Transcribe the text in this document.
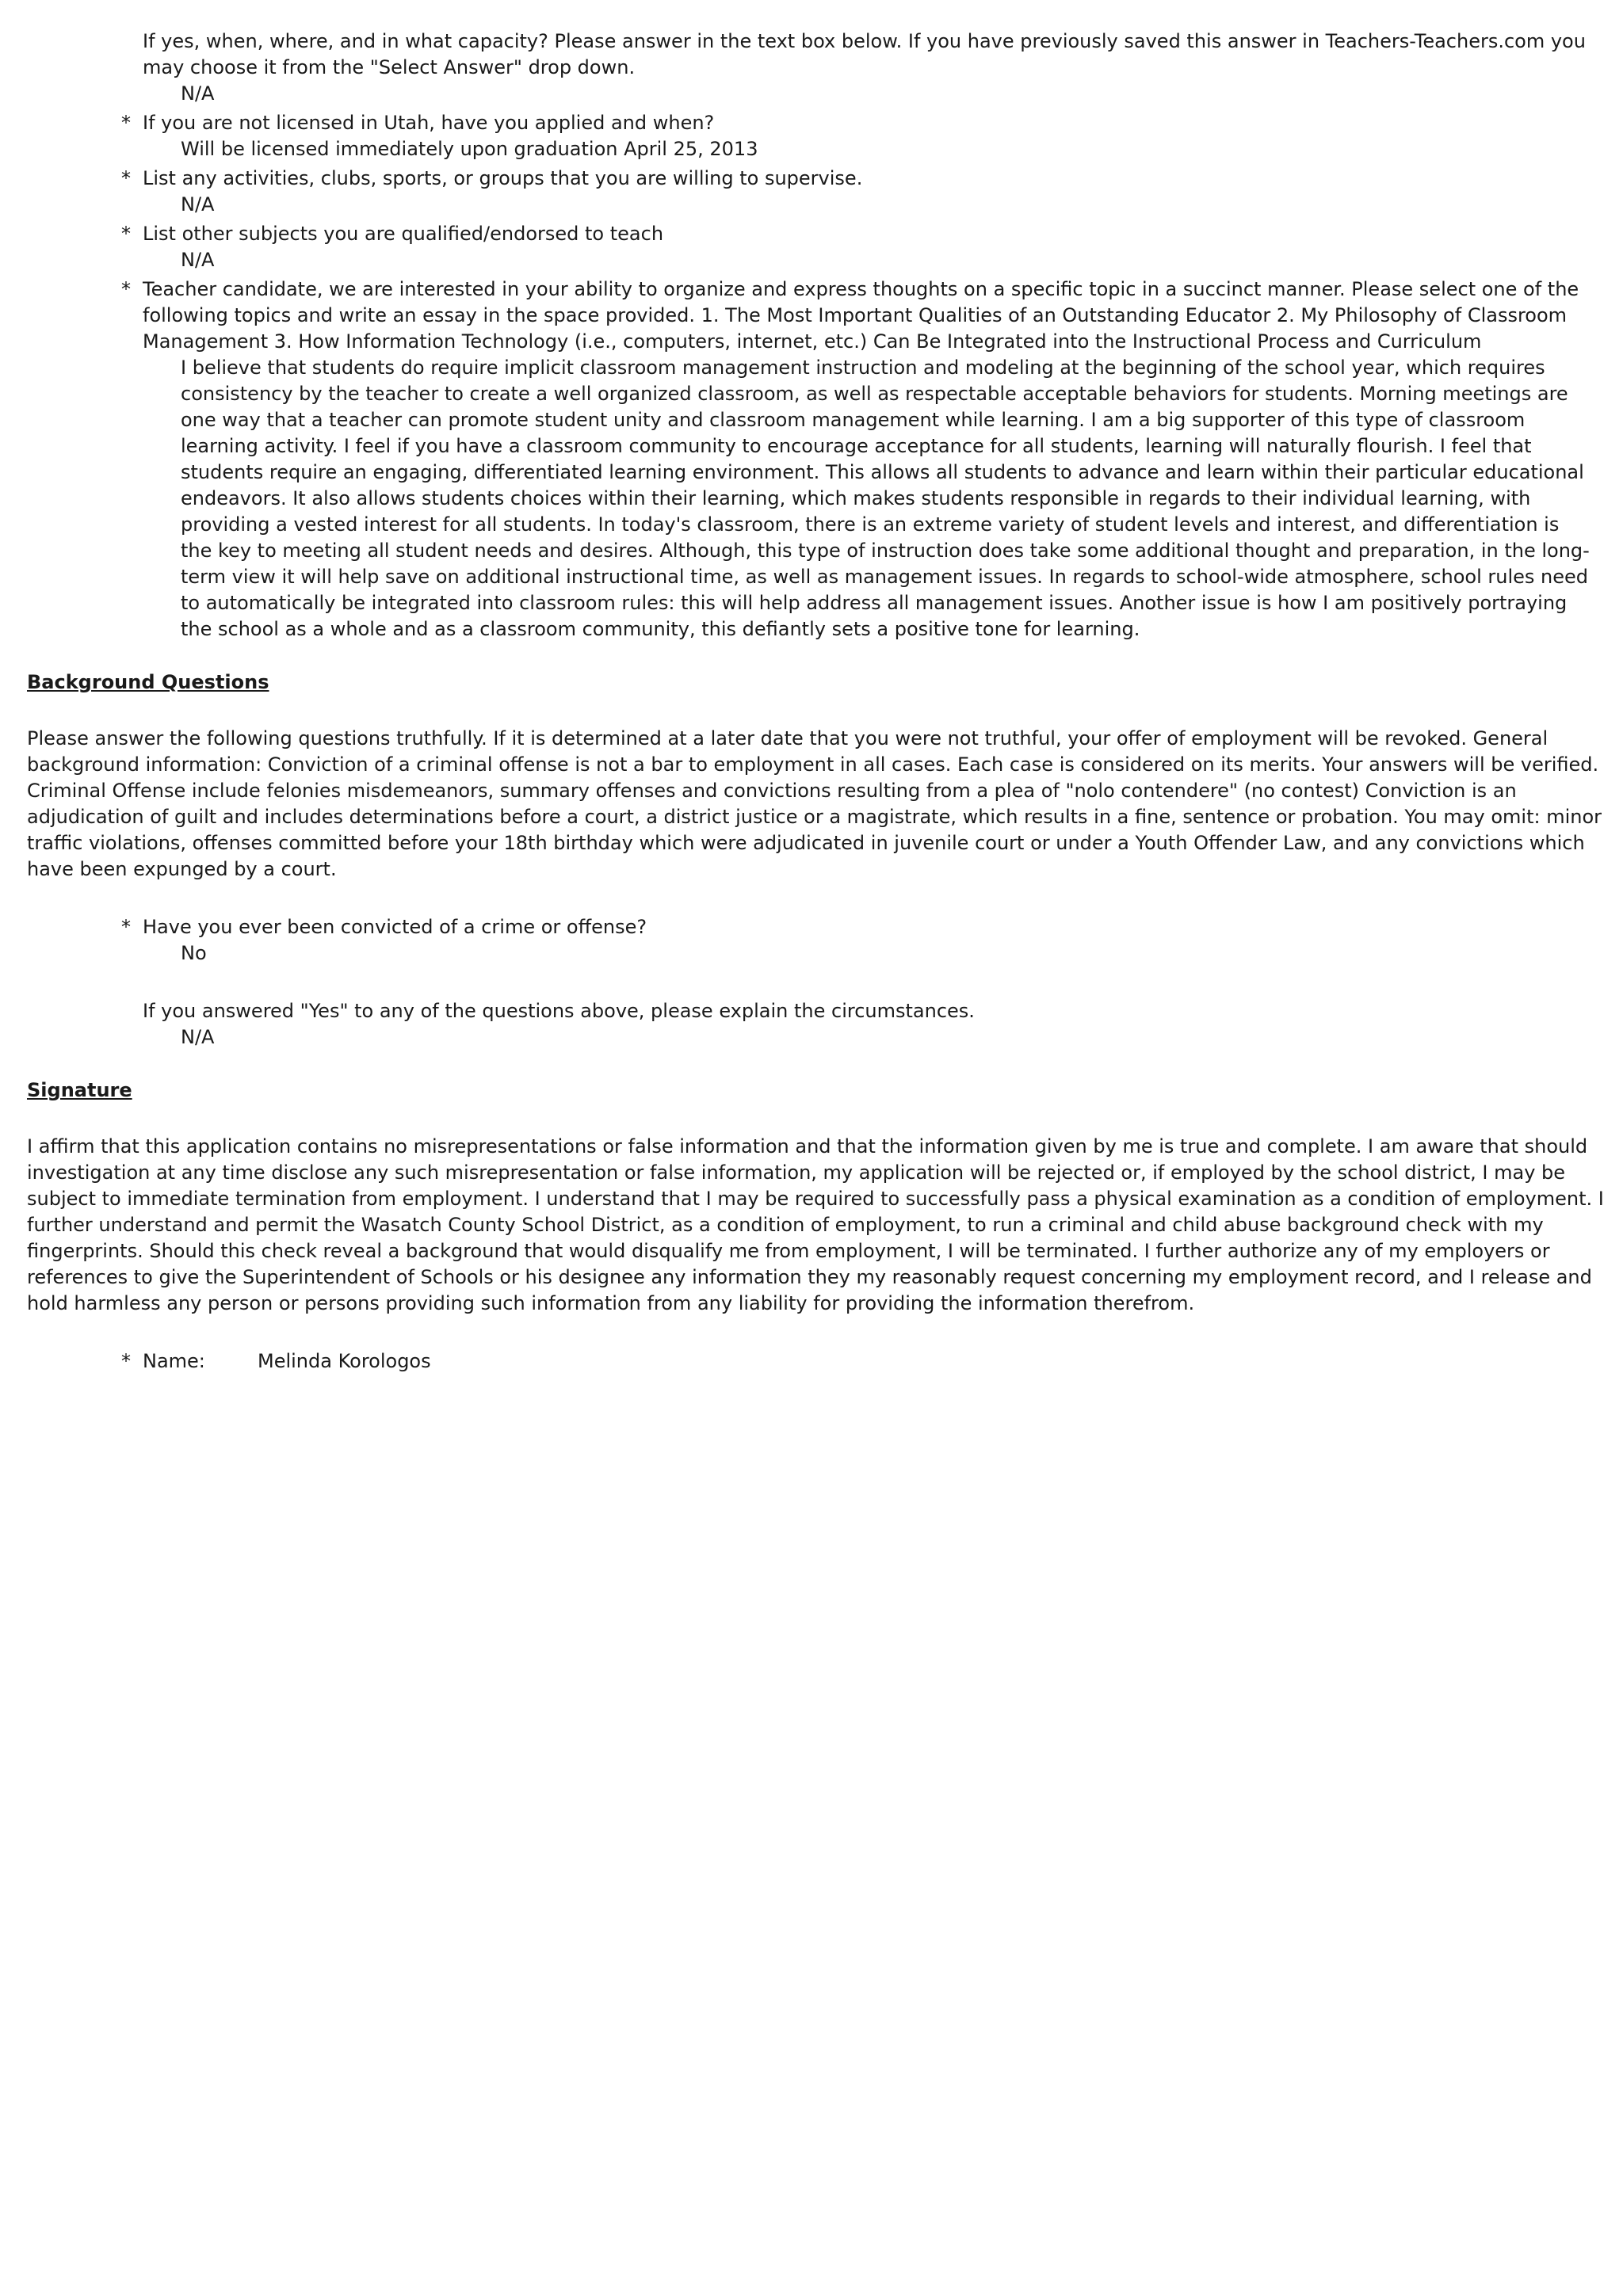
If yes, when, where, and in what capacity? Please answer in the text box below. If you have previously saved this answer in Teachers-Teachers.com you may choose it from the "Select Answer" drop down.
N/A
* If you are not licensed in Utah, have you applied and when?
Will be licensed immediately upon graduation April 25, 2013
* List any activities, clubs, sports, or groups that you are willing to supervise.
N/A
* List other subjects you are qualified/endorsed to teach
N/A
* Teacher candidate, we are interested in your ability to organize and express thoughts on a specific topic in a succinct manner. Please select one of the following topics and write an essay in the space provided. 1. The Most Important Qualities of an Outstanding Educator 2. My Philosophy of Classroom Management 3. How Information Technology (i.e., computers, internet, etc.) Can Be Integrated into the Instructional Process and Curriculum
I believe that students do require implicit classroom management instruction and modeling at the beginning of the school year, which requires consistency by the teacher to create a well organized classroom, as well as respectable acceptable behaviors for students. Morning meetings are one way that a teacher can promote student unity and classroom management while learning. I am a big supporter of this type of classroom learning activity. I feel if you have a classroom community to encourage acceptance for all students, learning will naturally flourish. I feel that students require an engaging, differentiated learning environment. This allows all students to advance and learn within their particular educational endeavors. It also allows students choices within their learning, which makes students responsible in regards to their individual learning, with providing a vested interest for all students. In today's classroom, there is an extreme variety of student levels and interest, and differentiation is the key to meeting all student needs and desires. Although, this type of instruction does take some additional thought and preparation, in the long-term view it will help save on additional instructional time, as well as management issues. In regards to school-wide atmosphere, school rules need to automatically be integrated into classroom rules: this will help address all management issues. Another issue is how I am positively portraying the school as a whole and as a classroom community, this defiantly sets a positive tone for learning.
Background Questions
Please answer the following questions truthfully. If it is determined at a later date that you were not truthful, your offer of employment will be revoked. General background information: Conviction of a criminal offense is not a bar to employment in all cases. Each case is considered on its merits. Your answers will be verified. Criminal Offense include felonies misdemeanors, summary offenses and convictions resulting from a plea of "nolo contendere" (no contest) Conviction is an adjudication of guilt and includes determinations before a court, a district justice or a magistrate, which results in a fine, sentence or probation. You may omit: minor traffic violations, offenses committed before your 18th birthday which were adjudicated in juvenile court or under a Youth Offender Law, and any convictions which have been expunged by a court.
* Have you ever been convicted of a crime or offense?
No
If you answered "Yes" to any of the questions above, please explain the circumstances.
N/A
Signature
I affirm that this application contains no misrepresentations or false information and that the information given by me is true and complete. I am aware that should investigation at any time disclose any such misrepresentation or false information, my application will be rejected or, if employed by the school district, I may be subject to immediate termination from employment. I understand that I may be required to successfully pass a physical examination as a condition of employment. I further understand and permit the Wasatch County School District, as a condition of employment, to run a criminal and child abuse background check with my fingerprints. Should this check reveal a background that would disqualify me from employment, I will be terminated. I further authorize any of my employers or references to give the Superintendent of Schools or his designee any information they my reasonably request concerning my employment record, and I release and hold harmless any person or persons providing such information from any liability for providing the information therefrom.
* Name:	Melinda Korologos
